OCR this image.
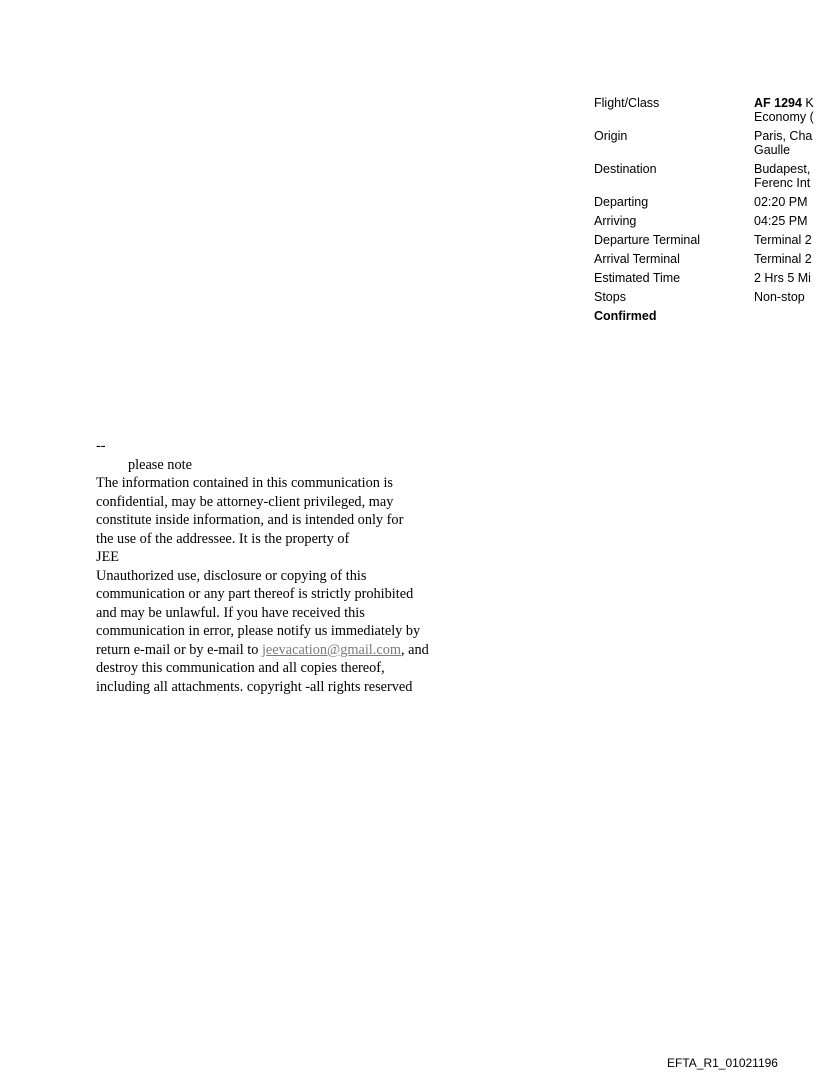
Flight/Class	AF 1294 K
Economy (
Origin	Paris, Cha
Gaulle
Destination	Budapest,
Ferenc Int
Departing	02:20 PM
Arriving	04:25 PM
Departure Terminal	Terminal 2
Arrival Terminal	Terminal 2
Estimated Time	2 Hrs 5 Mi
Stops	Non-stop
Confirmed
--
please note
The information contained in this communication is
confidential, may be attorney-client privileged, may
constitute inside information, and is intended only for
the use of the addressee. It is the property of
JEE
Unauthorized use, disclosure or copying of this
communication or any part thereof is strictly prohibited
and may be unlawful. If you have received this
communication in error, please notify us immediately by
return e-mail or by e-mail to jeevacation@gmail.com, and
destroy this communication and all copies thereof,
including all attachments. copyright -all rights reserved
EFTA_R1_01021196
